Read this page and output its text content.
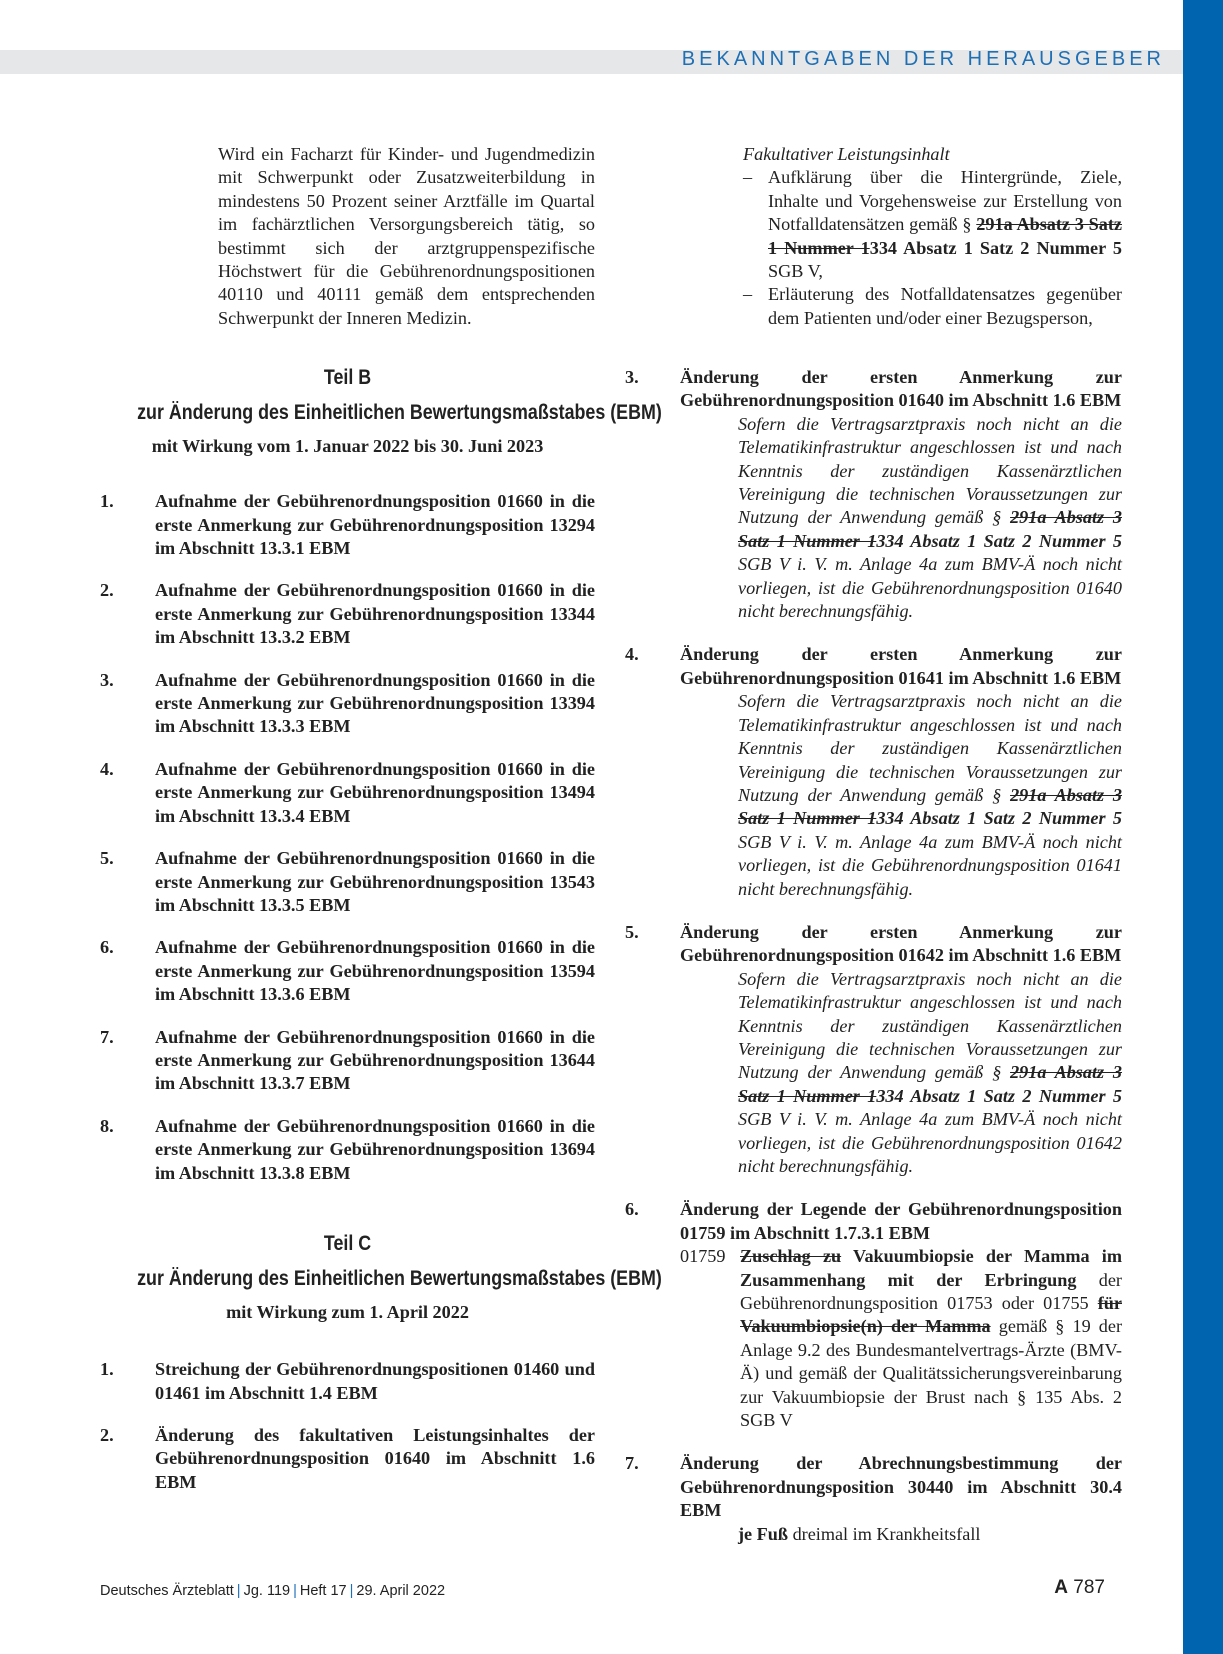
BEKANNTGABEN DER HERAUSGEBER
Wird ein Facharzt für Kinder- und Jugendmedizin mit Schwerpunkt oder Zusatzweiterbildung in mindestens 50 Prozent seiner Arztfälle im Quartal im fachärztlichen Versorgungsbereich tätig, so bestimmt sich der arztgruppenspezifische Höchstwert für die Gebührenordnungspositionen 40110 und 40111 gemäß dem entsprechenden Schwerpunkt der Inneren Medizin.
Teil B
zur Änderung des Einheitlichen Bewertungsmaßstabes (EBM)
mit Wirkung vom 1. Januar 2022 bis 30. Juni 2023
1. Aufnahme der Gebührenordnungsposition 01660 in die erste Anmerkung zur Gebührenordnungsposition 13294 im Abschnitt 13.3.1 EBM
2. Aufnahme der Gebührenordnungsposition 01660 in die erste Anmerkung zur Gebührenordnungsposition 13344 im Abschnitt 13.3.2 EBM
3. Aufnahme der Gebührenordnungsposition 01660 in die erste Anmerkung zur Gebührenordnungsposition 13394 im Abschnitt 13.3.3 EBM
4. Aufnahme der Gebührenordnungsposition 01660 in die erste Anmerkung zur Gebührenordnungsposition 13494 im Abschnitt 13.3.4 EBM
5. Aufnahme der Gebührenordnungsposition 01660 in die erste Anmerkung zur Gebührenordnungsposition 13543 im Abschnitt 13.3.5 EBM
6. Aufnahme der Gebührenordnungsposition 01660 in die erste Anmerkung zur Gebührenordnungsposition 13594 im Abschnitt 13.3.6 EBM
7. Aufnahme der Gebührenordnungsposition 01660 in die erste Anmerkung zur Gebührenordnungsposition 13644 im Abschnitt 13.3.7 EBM
8. Aufnahme der Gebührenordnungsposition 01660 in die erste Anmerkung zur Gebührenordnungsposition 13694 im Abschnitt 13.3.8 EBM
Teil C
zur Änderung des Einheitlichen Bewertungsmaßstabes (EBM)
mit Wirkung zum 1. April 2022
1. Streichung der Gebührenordnungspositionen 01460 und 01461 im Abschnitt 1.4 EBM
2. Änderung des fakultativen Leistungsinhaltes der Gebührenordnungsposition 01640 im Abschnitt 1.6 EBM
Fakultativer Leistungsinhalt
– Aufklärung über die Hintergründe, Ziele, Inhalte und Vorgehensweise zur Erstellung von Notfalldatensätzen gemäß § 291a Absatz 3 Satz 1 Nummer 1334 Absatz 1 Satz 2 Nummer 5 SGB V,
– Erläuterung des Notfalldatensatzes gegenüber dem Patienten und/oder einer Bezugsperson,
3. Änderung der ersten Anmerkung zur Gebührenordnungsposition 01640 im Abschnitt 1.6 EBM
Sofern die Vertragsarztpraxis noch nicht an die Telematikinfrastruktur angeschlossen ist und nach Kenntnis der zuständigen Kassenärztlichen Vereinigung die technischen Voraussetzungen zur Nutzung der Anwendung gemäß § 291a Absatz 3 Satz 1 Nummer 1334 Absatz 1 Satz 2 Nummer 5 SGB V i. V. m. Anlage 4a zum BMV-Ä noch nicht vorliegen, ist die Gebührenordnungsposition 01640 nicht berechnungsfähig.
4. Änderung der ersten Anmerkung zur Gebührenordnungsposition 01641 im Abschnitt 1.6 EBM
Sofern die Vertragsarztpraxis noch nicht an die Telematikinfrastruktur angeschlossen ist und nach Kenntnis der zuständigen Kassenärztlichen Vereinigung die technischen Voraussetzungen zur Nutzung der Anwendung gemäß § 291a Absatz 3 Satz 1 Nummer 1334 Absatz 1 Satz 2 Nummer 5 SGB V i. V. m. Anlage 4a zum BMV-Ä noch nicht vorliegen, ist die Gebührenordnungsposition 01641 nicht berechnungsfähig.
5. Änderung der ersten Anmerkung zur Gebührenordnungsposition 01642 im Abschnitt 1.6 EBM
Sofern die Vertragsarztpraxis noch nicht an die Telematikinfrastruktur angeschlossen ist und nach Kenntnis der zuständigen Kassenärztlichen Vereinigung die technischen Voraussetzungen zur Nutzung der Anwendung gemäß § 291a Absatz 3 Satz 1 Nummer 1334 Absatz 1 Satz 2 Nummer 5 SGB V i. V. m. Anlage 4a zum BMV-Ä noch nicht vorliegen, ist die Gebührenordnungsposition 01642 nicht berechnungsfähig.
6. Änderung der Legende der Gebührenordnungsposition 01759 im Abschnitt 1.7.3.1 EBM
01759 Zuschlag zu Vakuumbiopsie der Mamma im Zusammenhang mit der Erbringung der Gebührenordnungsposition 01753 oder 01755 für Vakuumbiopsie(n) der Mamma gemäß § 19 der Anlage 9.2 des Bundesmantelvertrags-Ärzte (BMV-Ä) und gemäß der Qualitätssicherungsvereinbarung zur Vakuumbiopsie der Brust nach § 135 Abs. 2 SGB V
7. Änderung der Abrechnungsbestimmung der Gebührenordnungsposition 30440 im Abschnitt 30.4 EBM
je Fuß dreimal im Krankheitsfall
Deutsches Ärzteblatt | Jg. 119 | Heft 17 | 29. April 2022	A 787
